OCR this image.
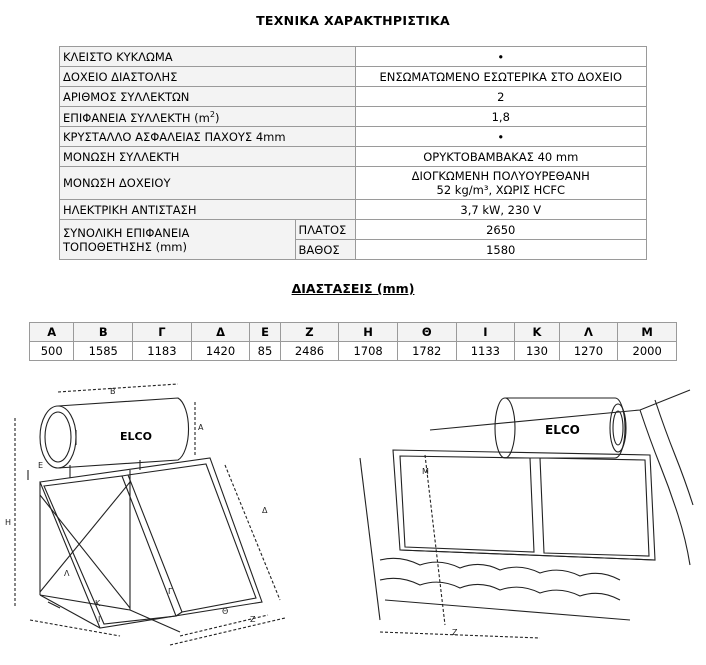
ΤΕΧΝΙΚΑ ΧΑΡΑΚΤΗΡΙΣΤΙΚΑ
ΚΛΕΙΣΤΟ ΚΥΚΛΩΜΑ		•
ΔΟΧΕΙΟ ΔΙΑΣΤΟΛΗΣ		ΕΝΣΩΜΑΤΩΜΕΝΟ ΕΣΩΤΕΡΙΚΑ ΣΤΟ ΔΟΧΕΙΟ
ΑΡΙΘΜΟΣ ΣΥΛΛΕΚΤΩΝ		2
ΕΠΙΦΑΝΕΙΑ ΣΥΛΛΕΚΤΗ $(m^2)$		1,8
ΚΡΥΣΤΑΛΛΟ ΑΣΦΑΛΕΙΑΣ ΠΑΧΟΥΣ 4mm		•
ΜΟΝΩΣΗ ΣΥΛΛΕΚΤΗ		ΟΡΥΚΤΟΒΑΜΒΑΚΑΣ 40 mm
ΜΟΝΩΣΗ ΔΟΧΕΙΟΥ		ΔΙΟΓΚΩΜΕΝΗ ΠΟΛΥΟΥΡΕΘΑΝΗ
52 kg/m³, ΧΩΡΙΣ HCFC
ΗΛΕΚΤΡΙΚΗ ΑΝΤΙΣΤΑΣΗ		3,7 kW, 230 V
ΣΥΝΟΛΙΚΗ ΕΠΙΦΑΝΕΙΑ
ΤΟΠΟΘΕΤΗΣΗΣ (mm)	ΠΛΑΤΟΣ	2650
	ΒΑΘΟΣ	1580
ΔΙΑΣΤΑΣΕΙΣ (mm)
Α	Β	Γ	Δ	Ε	Ζ	Η	Θ	Ι	Κ	Λ	Μ
500	1585	1183	1420	85	2486	1708	1782	1133	130	1270	2000
ELCO	ELCO
B
A
E
H
Δ
Γ
Λ
K
I
Θ
Z
M
Z
